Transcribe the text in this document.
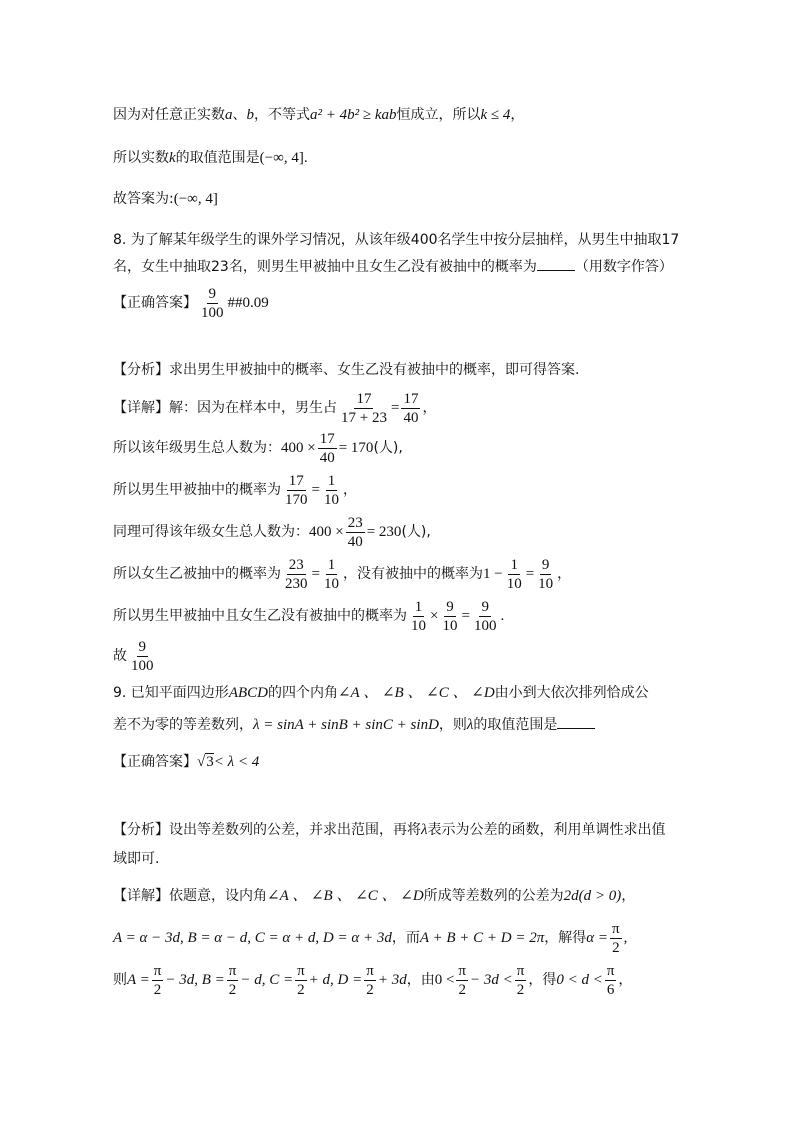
因为对任意正实数a、b，不等式a² + 4b² ≥ kab恒成立，所以k ≤ 4，
所以实数k的取值范围是(−∞, 4].
故答案为:(−∞, 4]
8. 为了解某年级学生的课外学习情况，从该年级400名学生中按分层抽样，从男生中抽取17
名，女生中抽取23名，则男生甲被抽中且女生乙没有被抽中的概率为	（用数字作答）
【正确答案】 $\frac{9}{100}$ ##0.09
【分析】求出男生甲被抽中的概率、女生乙没有被抽中的概率，即可得答案.
【详解】解：因为在样本中，男生占 $\frac{17}{17 + 23} = \frac{17}{40}$ ，
所以该年级男生总人数为：$400 \times \frac{17}{40} = 170$(人),
所以男生甲被抽中的概率为 $\frac{17}{170} = \frac{1}{10}$ ，
同理可得该年级女生总人数为：$400 \times \frac{23}{40} = 230$(人),
所以女生乙被抽中的概率为 $\frac{23}{230} = \frac{1}{10}$ ，没有被抽中的概率为$1 - \frac{1}{10} = \frac{9}{10}$ ，
所以男生甲被抽中且女生乙没有被抽中的概率为 $\frac{1}{10} \times \frac{9}{10} = \frac{9}{100}$ .
故 $\frac{9}{100}$
9. 已知平面四边形ABCD的四个内角∠A 、 ∠B 、 ∠C 、 ∠D由小到大依次排列恰成公
差不为零的等差数列，λ = sinA + sinB + sinC + sinD，则λ的取值范围是
【正确答案】√3< λ < 4
【分析】设出等差数列的公差，并求出范围，再将λ表示为公差的函数，利用单调性求出值
域即可.
【详解】依题意，设内角∠A 、 ∠B 、 ∠C 、 ∠D所成等差数列的公差为2d(d > 0)，
A = α − 3d, B = α − d, C = α + d, D = α + 3d，而A + B + C + D = 2π，解得$\alpha = \frac{\pi}{2}$ ,
则$A = \frac{\pi}{2} - 3d$, $B = \frac{\pi}{2} - d$, $C = \frac{\pi}{2} + d$, $D = \frac{\pi}{2} + 3d$，由$0 < \frac{\pi}{2} - 3d < \frac{\pi}{2}$ ，得$0 < d < \frac{\pi}{6}$ ，
